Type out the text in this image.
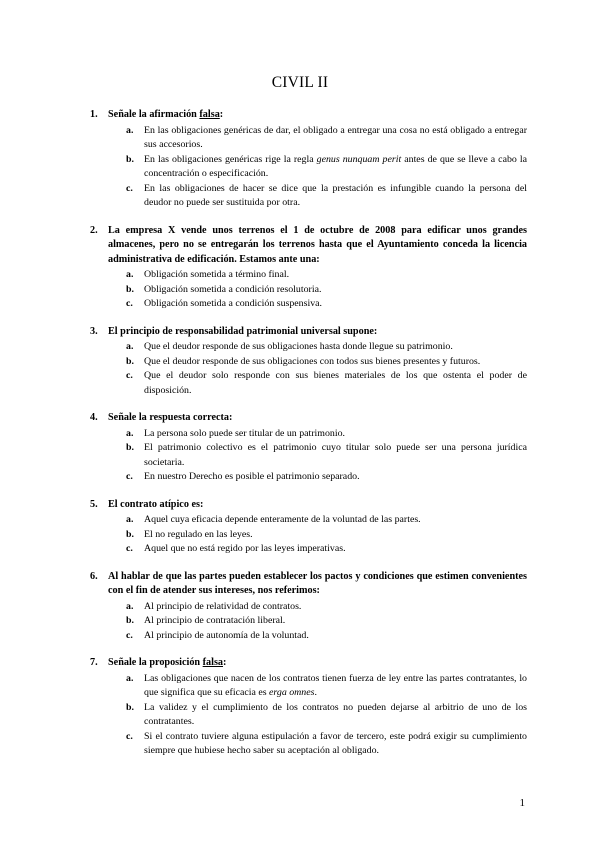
CIVIL II
1. Señale la afirmación falsa:
a. En las obligaciones genéricas de dar, el obligado a entregar una cosa no está obligado a entregar sus accesorios.
b. En las obligaciones genéricas rige la regla genus nunquam perit antes de que se lleve a cabo la concentración o especificación.
c. En las obligaciones de hacer se dice que la prestación es infungible cuando la persona del deudor no puede ser sustituida por otra.
2. La empresa X vende unos terrenos el 1 de octubre de 2008 para edificar unos grandes almacenes, pero no se entregarán los terrenos hasta que el Ayuntamiento conceda la licencia administrativa de edificación. Estamos ante una:
a. Obligación sometida a término final.
b. Obligación sometida a condición resolutoria.
c. Obligación sometida a condición suspensiva.
3. El principio de responsabilidad patrimonial universal supone:
a. Que el deudor responde de sus obligaciones hasta donde llegue su patrimonio.
b. Que el deudor responde de sus obligaciones con todos sus bienes presentes y futuros.
c. Que el deudor solo responde con sus bienes materiales de los que ostenta el poder de disposición.
4. Señale la respuesta correcta:
a. La persona solo puede ser titular de un patrimonio.
b. El patrimonio colectivo es el patrimonio cuyo titular solo puede ser una persona jurídica societaria.
c. En nuestro Derecho es posible el patrimonio separado.
5. El contrato atípico es:
a. Aquel cuya eficacia depende enteramente de la voluntad de las partes.
b. El no regulado en las leyes.
c. Aquel que no está regido por las leyes imperativas.
6. Al hablar de que las partes pueden establecer los pactos y condiciones que estimen convenientes con el fin de atender sus intereses, nos referimos:
a. Al principio de relatividad de contratos.
b. Al principio de contratación liberal.
c. Al principio de autonomía de la voluntad.
7. Señale la proposición falsa:
a. Las obligaciones que nacen de los contratos tienen fuerza de ley entre las partes contratantes, lo que significa que su eficacia es erga omnes.
b. La validez y el cumplimiento de los contratos no pueden dejarse al arbitrio de uno de los contratantes.
c. Si el contrato tuviere alguna estipulación a favor de tercero, este podrá exigir su cumplimiento siempre que hubiese hecho saber su aceptación al obligado.
1
